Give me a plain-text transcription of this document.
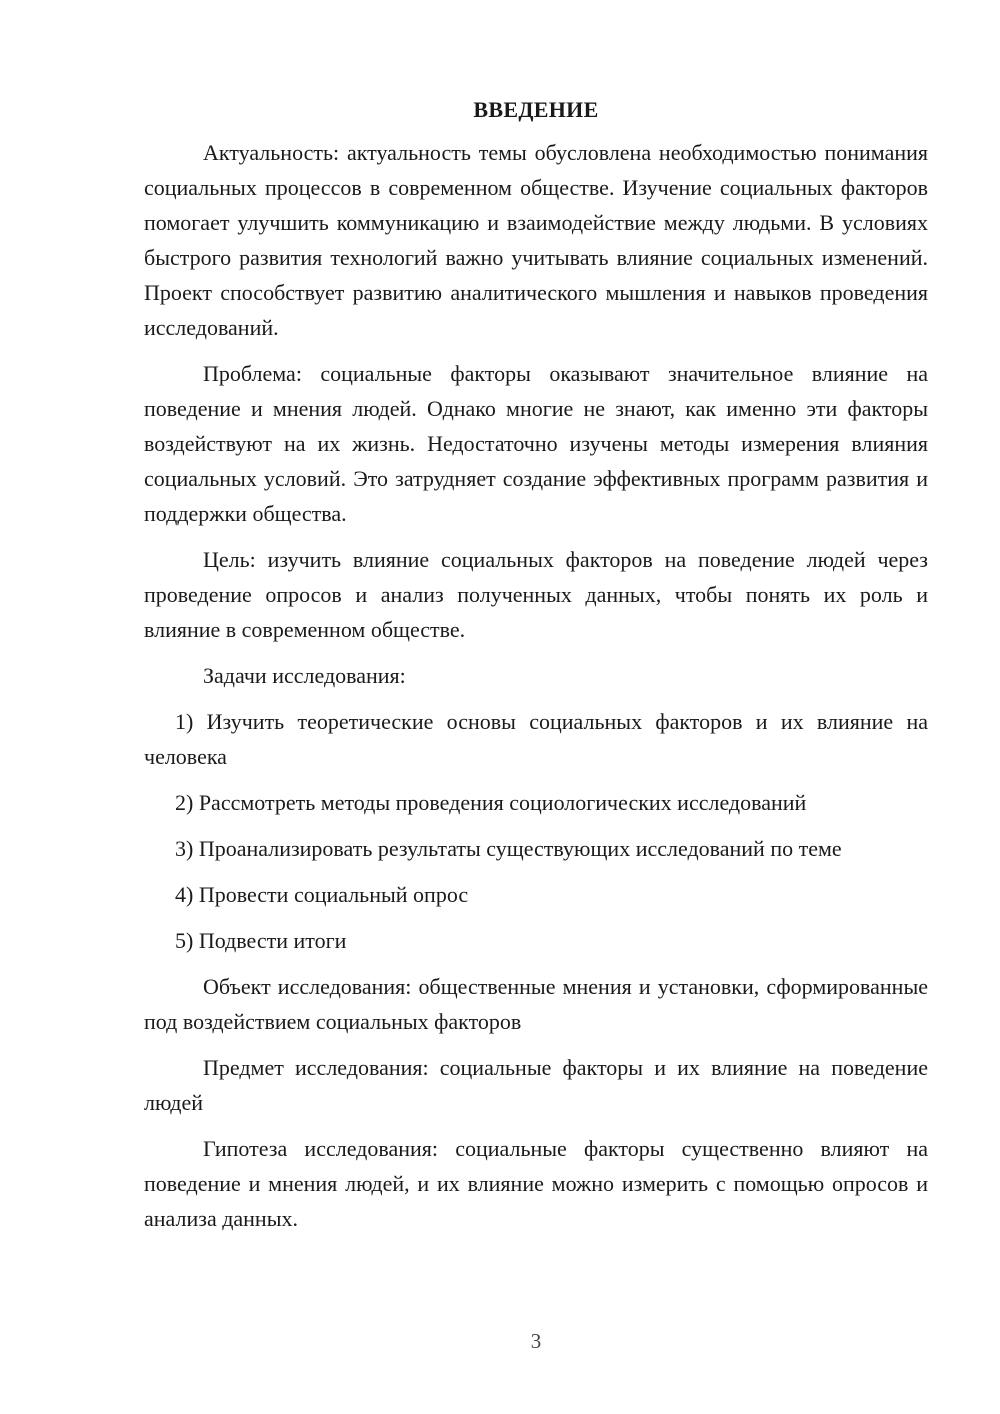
ВВЕДЕНИЕ

Актуальность: актуальность темы обусловлена необходимостью понимания социальных процессов в современном обществе. Изучение социальных факторов помогает улучшить коммуникацию и взаимодействие между людьми. В условиях быстрого развития технологий важно учитывать влияние социальных изменений. Проект способствует развитию аналитического мышления и навыков проведения исследований.

Проблема: социальные факторы оказывают значительное влияние на поведение и мнения людей. Однако многие не знают, как именно эти факторы воздействуют на их жизнь. Недостаточно изучены методы измерения влияния социальных условий. Это затрудняет создание эффективных программ развития и поддержки общества.

Цель: изучить влияние социальных факторов на поведение людей через проведение опросов и анализ полученных данных, чтобы понять их роль и влияние в современном обществе.

Задачи исследования:

1) Изучить теоретические основы социальных факторов и их влияние на человека

2) Рассмотреть методы проведения социологических исследований

3) Проанализировать результаты существующих исследований по теме

4) Провести социальный опрос

5) Подвести итоги

Объект исследования: общественные мнения и установки, сформированные под воздействием социальных факторов

Предмет исследования: социальные факторы и их влияние на поведение людей

Гипотеза исследования: социальные факторы существенно влияют на поведение и мнения людей, и их влияние можно измерить с помощью опросов и анализа данных.

3
